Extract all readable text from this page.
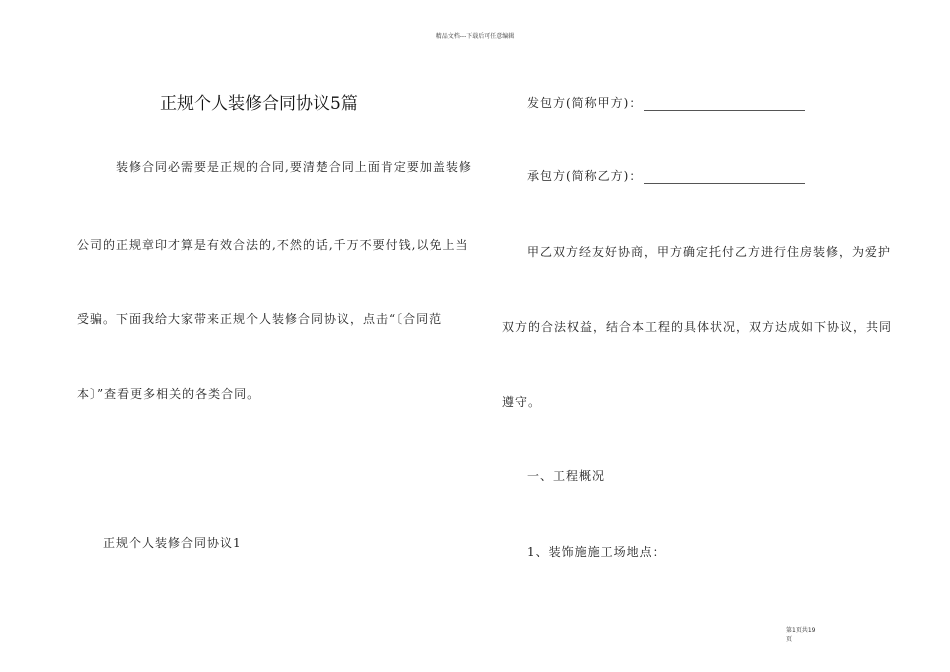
精品文档---下载后可任意编辑
正规个人装修合同协议5篇
装修合同必需要是正规的合同,要清楚合同上面肯定要加盖装修
公司的正规章印才算是有效合法的,不然的话,千万不要付钱,以免上当
受骗。下面我给大家带来正规个人装修合同协议，点击“〔合同范
本〕”查看更多相关的各类合同。
正规个人装修合同协议1
发包方(简称甲方)：
承包方(简称乙方)：
甲乙双方经友好协商，甲方确定托付乙方进行住房装修，为爱护
双方的合法权益，结合本工程的具体状况，双方达成如下协议，共同
遵守。
一、工程概况
1、装饰施施工场地点：
第1页共19
页
